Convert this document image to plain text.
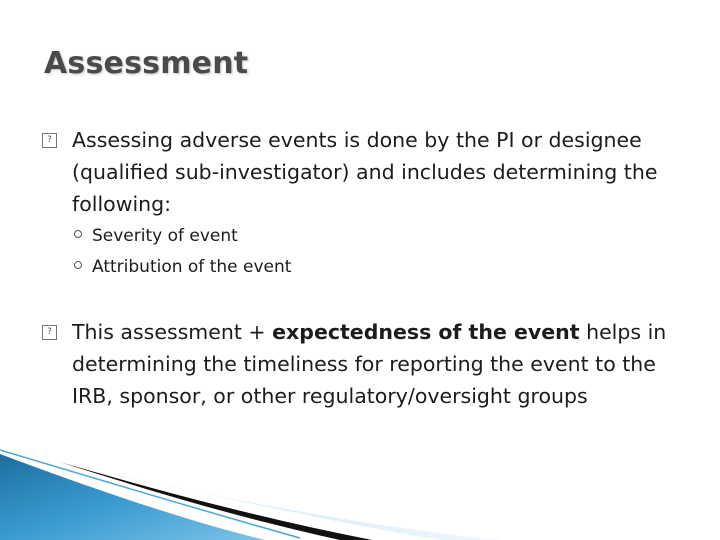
Assessment
? Assessing adverse events is done by the PI or designee (qualified sub-investigator) and includes determining the following:
Severity of event
Attribution of the event
? This assessment + expectedness of the event helps in determining the timeliness for reporting the event to the IRB, sponsor, or other regulatory/oversight groups
